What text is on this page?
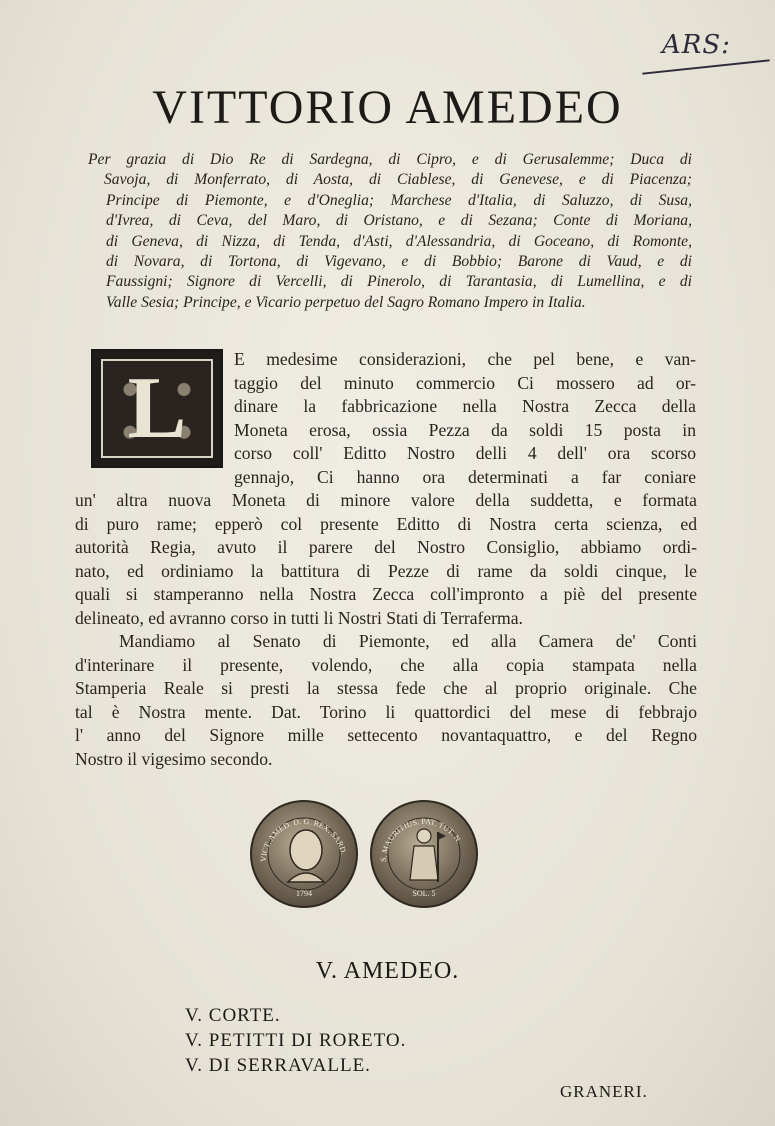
ARS:
VITTORIO AMEDEO
Per grazia di Dio Re di Sardegna, di Cipro, e di Gerusalemme; Duca di
Savoja, di Monferrato, di Aosta, di Ciablese, di Genevese, e di Piacenza;
Principe di Piemonte, e d'Oneglia; Marchese d'Italia, di Saluzzo, di Susa,
d'Ivrea, di Ceva, del Maro, di Oristano, e di Sezana; Conte di Moriana,
di Geneva, di Nizza, di Tenda, d'Asti, d'Alessandria, di Goceano, di Romonte,
di Novara, di Tortona, di Vigevano, e di Bobbio; Barone di Vaud, e di
Faussigni; Signore di Vercelli, di Pinerolo, di Tarantasia, di Lumellina, e di
Valle Sesia; Principe, e Vicario perpetuo del Sagro Romano Impero in Italia.
L
E medesime considerazioni, che pel bene, e van-
taggio del minuto commercio Ci mossero ad or-
dinare la fabbricazione nella Nostra Zecca della
Moneta erosa, ossia Pezza da soldi 15 posta in
corso coll' Editto Nostro delli 4 dell' ora scorso
gennajo, Ci hanno ora determinati a far coniare
un' altra nuova Moneta di minore valore della suddetta, e formata
di puro rame; epperò col presente Editto di Nostra certa scienza, ed
autorità Regia, avuto il parere del Nostro Consiglio, abbiamo ordi-
nato, ed ordiniamo la battitura di Pezze di rame da soldi cinque, le
quali si stamperanno nella Nostra Zecca coll'impronto a piè del presente
delineato, ed avranno corso in tutti li Nostri Stati di Terraferma.
Mandiamo al Senato di Piemonte, ed alla Camera de' Conti
d'interinare il presente, volendo, che alla copia stampata nella
Stamperia Reale si presti la stessa fede che al proprio originale. Che
tal è Nostra mente. Dat. Torino li quattordici del mese di febbrajo
l' anno del Signore mille settecento novantaquattro, e del Regno
Nostro il vigesimo secondo.
VICT. AMED. D. G. REX. SARD.
1794
S. MAURITIUS. PAT. TUT. N.
SOL. 5
V. AMEDEO.
V. CORTE.
V. PETITTI DI RORETO.
V. DI SERRAVALLE.
GRANERI.
